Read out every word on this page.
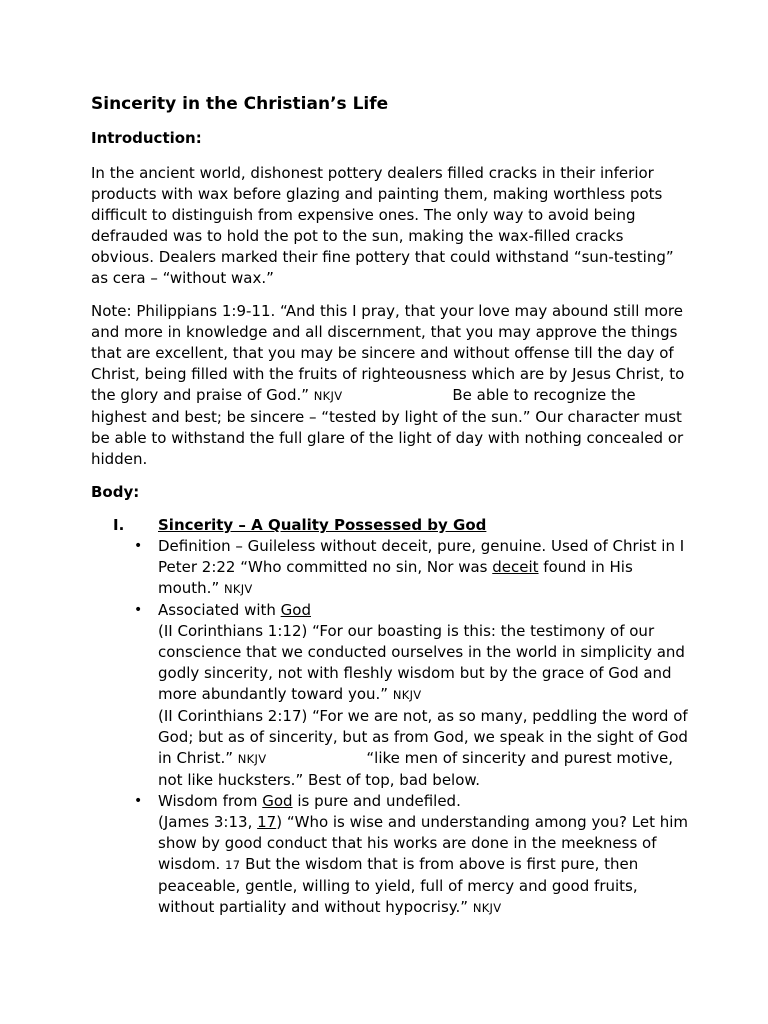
Sincerity in the Christian’s Life

Introduction:

In the ancient world, dishonest pottery dealers filled cracks in their inferior products with wax before glazing and painting them, making worthless pots difficult to distinguish from expensive ones. The only way to avoid being defrauded was to hold the pot to the sun, making the wax-filled cracks obvious. Dealers marked their fine pottery that could withstand “sun-testing” as cera – “without wax.”

Note: Philippians 1:9-11. “And this I pray, that your love may abound still more and more in knowledge and all discernment, that you may approve the things that are excellent, that you may be sincere and without offense till the day of Christ, being filled with the fruits of righteousness which are by Jesus Christ, to the glory and praise of God.” NKJV	Be able to recognize the highest and best; be sincere – “tested by light of the sun.” Our character must be able to withstand the full glare of the light of day with nothing concealed or hidden.

Body:

I. Sincerity – A Quality Possessed by God
• Definition – Guileless without deceit, pure, genuine. Used of Christ in I Peter 2:22 “Who committed no sin, Nor was deceit found in His mouth.” NKJV
• Associated with God
(II Corinthians 1:12) “For our boasting is this: the testimony of our conscience that we conducted ourselves in the world in simplicity and godly sincerity, not with fleshly wisdom but by the grace of God and more abundantly toward you.” NKJV
(II Corinthians 2:17) “For we are not, as so many, peddling the word of God; but as of sincerity, but as from God, we speak in the sight of God in Christ.” NKJV	“like men of sincerity and purest motive, not like hucksters.” Best of top, bad below.
• Wisdom from God is pure and undefiled.
(James 3:13, 17) “Who is wise and understanding among you? Let him show by good conduct that his works are done in the meekness of wisdom. 17 But the wisdom that is from above is first pure, then peaceable, gentle, willing to yield, full of mercy and good fruits, without partiality and without hypocrisy.” NKJV
